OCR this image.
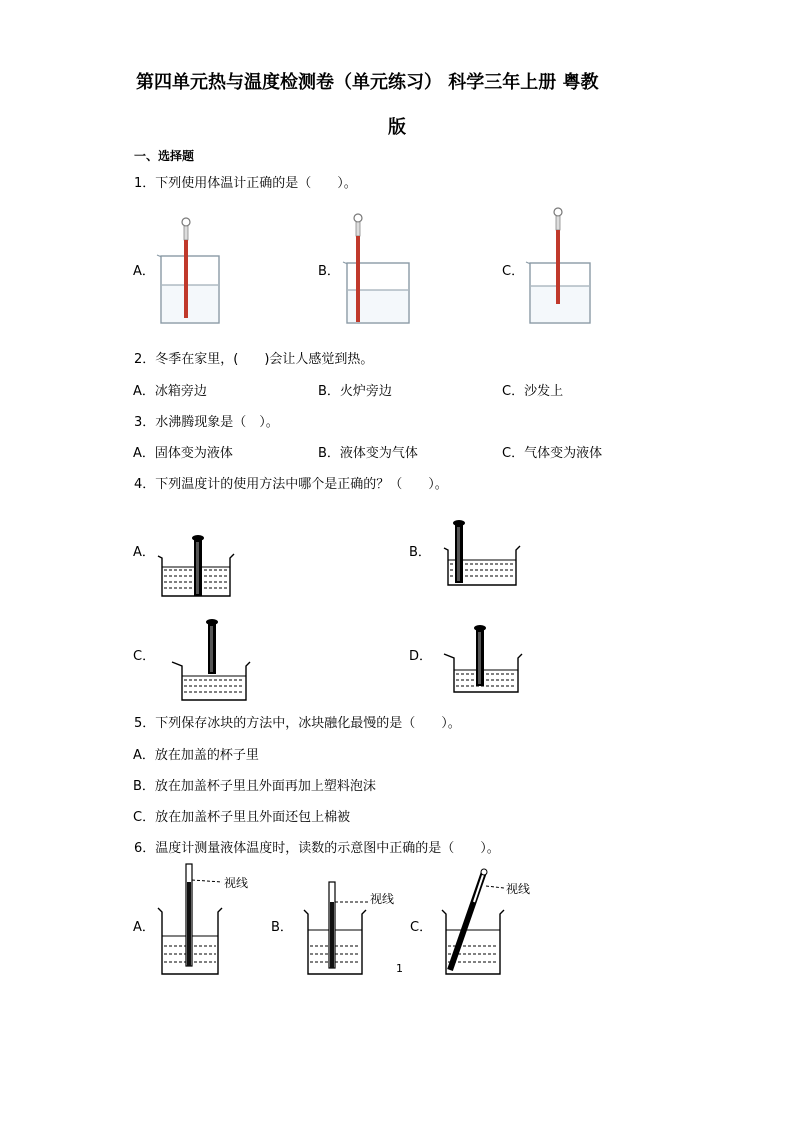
第四单元热与温度检测卷（单元练习） 科学三年上册 粤教
版
一、选择题
1．下列使用体温计正确的是（　　）。
A．	B．	C．
2．冬季在家里，(　　)会让人感觉到热。
A．冰箱旁边	B．火炉旁边	C．沙发上
3．水沸腾现象是（　）。
A．固体变为液体	B．液体变为气体	C．气体变为液体
4．下列温度计的使用方法中哪个是正确的？（　　）。
A．	B．
C．	D．
5．下列保存冰块的方法中，冰块融化最慢的是（　　）。
A．放在加盖的杯子里
B．放在加盖杯子里且外面再加上塑料泡沫
C．放在加盖杯子里且外面还包上棉被
6．温度计测量液体温度时，读数的示意图中正确的是（　　）。
A．	B．	C．
视线
视线
视线
1
